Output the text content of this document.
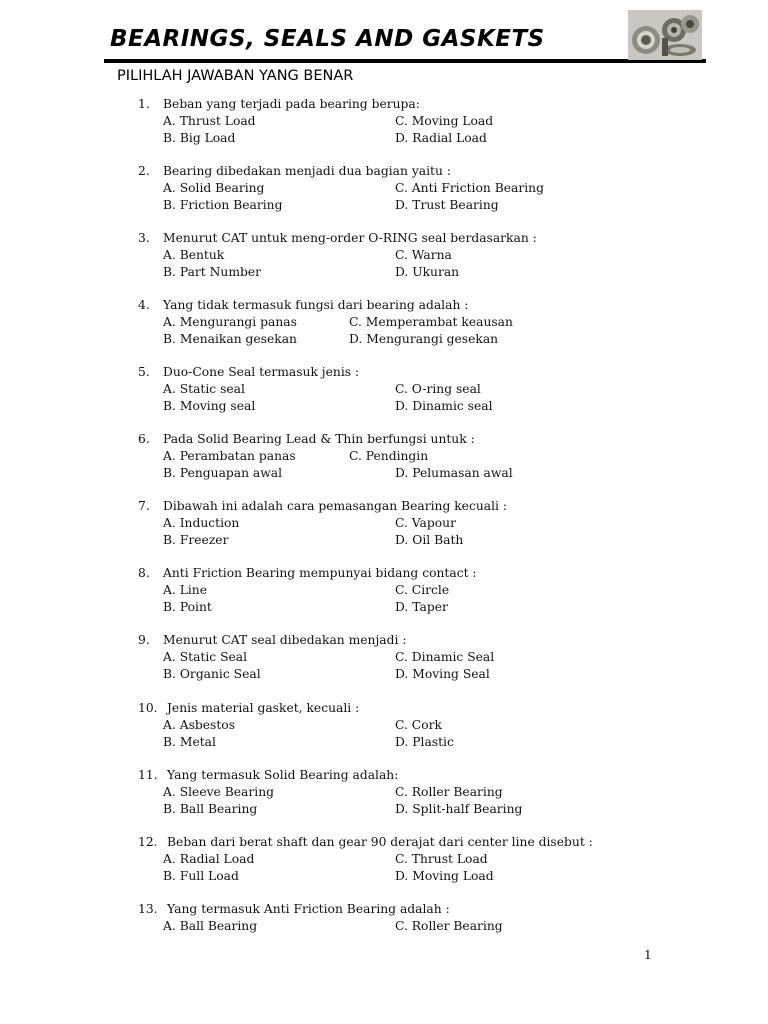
BEARINGS, SEALS AND GASKETS
PILIHLAH JAWABAN YANG BENAR
1. Beban yang terjadi pada bearing berupa:
A. Thrust Load	C. Moving Load
B. Big Load	D. Radial Load
2. Bearing dibedakan menjadi dua bagian yaitu :
A. Solid Bearing	C. Anti Friction Bearing
B. Friction Bearing	D. Trust Bearing
3. Menurut CAT untuk meng-order O-RING seal berdasarkan :
A. Bentuk	C. Warna
B. Part Number	D. Ukuran
4. Yang tidak termasuk fungsi dari bearing adalah :
A. Mengurangi panas	C. Memperambat keausan
B. Menaikan gesekan	D. Mengurangi gesekan
5. Duo-Cone Seal termasuk jenis :
A. Static seal	C. O-ring seal
B. Moving seal	D. Dinamic seal
6. Pada Solid Bearing Lead & Thin berfungsi untuk :
A. Perambatan panas	C. Pendingin
B. Penguapan awal	D. Pelumasan awal
7. Dibawah ini adalah cara pemasangan Bearing kecuali :
A. Induction	C. Vapour
B. Freezer	D. Oil Bath
8. Anti Friction Bearing mempunyai bidang contact :
A. Line	C. Circle
B. Point	D. Taper
9. Menurut CAT seal dibedakan menjadi :
A. Static Seal	C. Dinamic Seal
B. Organic Seal	D. Moving Seal
10. Jenis material gasket, kecuali :
A. Asbestos	C. Cork
B. Metal	D. Plastic
11. Yang termasuk Solid Bearing adalah:
A. Sleeve Bearing	C. Roller Bearing
B. Ball Bearing	D. Split-half Bearing
12. Beban dari berat shaft dan gear 90 derajat dari center line disebut :
A. Radial Load	C. Thrust Load
B. Full Load	D. Moving Load
13. Yang termasuk Anti Friction Bearing adalah :
A. Ball Bearing	C. Roller Bearing
1
